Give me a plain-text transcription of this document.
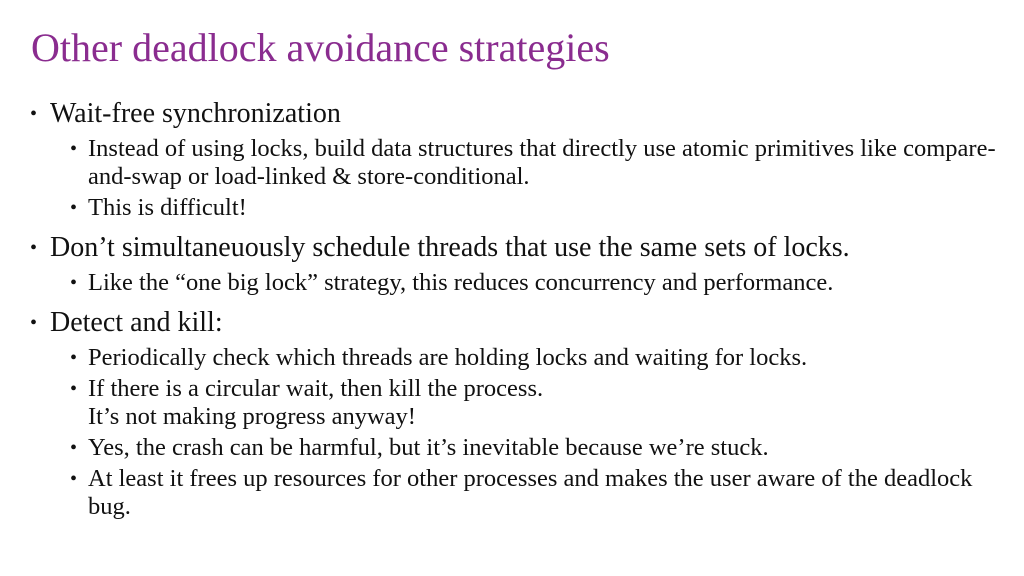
Other deadlock avoidance strategies
• Wait-free synchronization
• Instead of using locks, build data structures that directly use atomic primitives like compare-and-swap or load-linked & store-conditional.
• This is difficult!
• Don’t simultaneuously schedule threads that use the same sets of locks.
• Like the “one big lock” strategy, this reduces concurrency and performance.
• Detect and kill:
• Periodically check which threads are holding locks and waiting for locks.
• If there is a circular wait, then kill the process.
It’s not making progress anyway!
• Yes, the crash can be harmful, but it’s inevitable because we’re stuck.
• At least it frees up resources for other processes and makes the user aware of the deadlock bug.
